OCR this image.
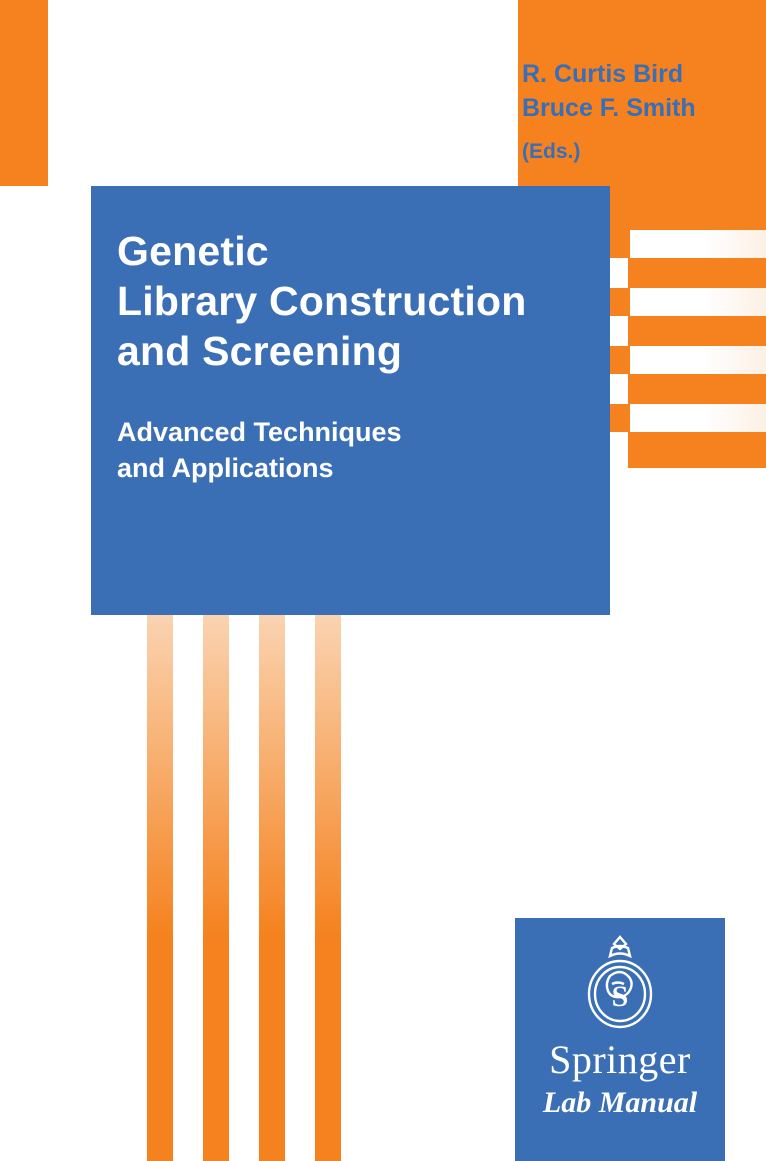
R. Curtis Bird
Bruce F. Smith
(Eds.)
Genetic
Library Construction
and Screening
Advanced Techniques
and Applications
S
Springer
Lab Manual
